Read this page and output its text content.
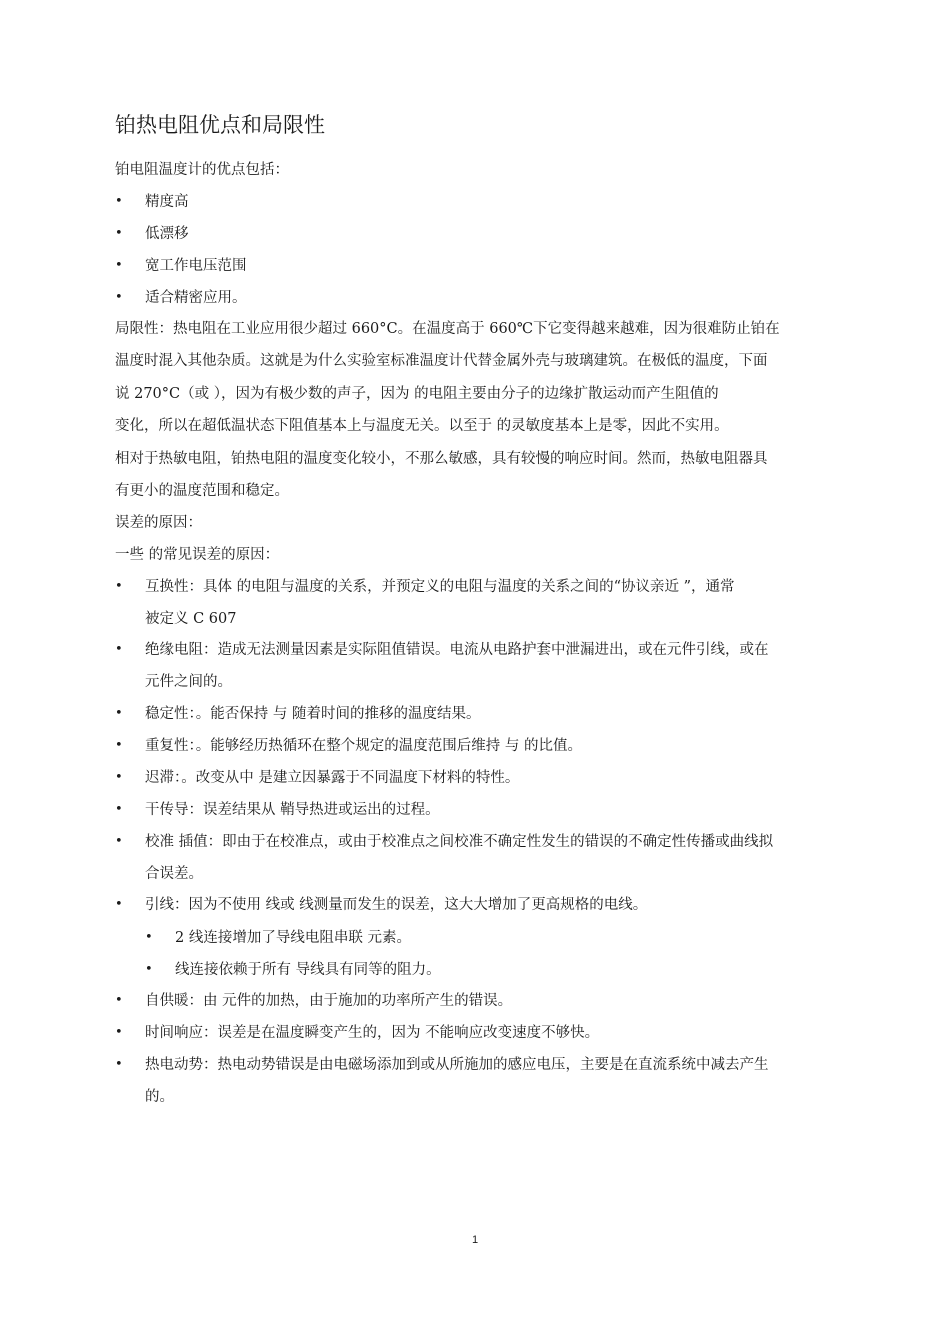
铂热电阻优点和局限性
铂电阻温度计的优点包括：
•	精度高
•	低漂移
•	宽工作电压范围
•	适合精密应用。
局限性：热电阻在工业应用很少超过 660°C。在温度高于 660℃下它变得越来越难，因为很难防止铂在
温度时混入其他杂质。这就是为什么实验室标准温度计代替金属外壳与玻璃建筑。在极低的温度，下面
说 270°C（或 ），因为有极少数的声子，因为 的电阻主要由分子的边缘扩散运动而产生阻值的
变化，所以在超低温状态下阻值基本上与温度无关。以至于 的灵敏度基本上是零，因此不实用。
相对于热敏电阻，铂热电阻的温度变化较小，不那么敏感，具有较慢的响应时间。然而，热敏电阻器具
有更小的温度范围和稳定。
误差的原因：
一些 的常见误差的原因：
•	互换性：具体 的电阻与温度的关系，并预定义的电阻与温度的关系之间的“协议亲近 ”，通常
被定义 C 607
•	绝缘电阻：造成无法测量因素是实际阻值错误。电流从电路护套中泄漏进出，或在元件引线，或在
元件之间的。
•	稳定性：。能否保持 与 随着时间的推移的温度结果。
•	重复性：。能够经历热循环在整个规定的温度范围后维持 与 的比值。
•	迟滞：。改变从中 是建立因暴露于不同温度下材料的特性。
•	干传导：误差结果从 鞘导热进或运出的过程。
•	校准 插值：即由于在校准点，或由于校准点之间校准不确定性发生的错误的不确定性传播或曲线拟
合误差。
•	引线：因为不使用 线或 线测量而发生的误差，这大大增加了更高规格的电线。
•	2 线连接增加了导线电阻串联 元素。
•	线连接依赖于所有 导线具有同等的阻力。
•	自供暖：由 元件的加热，由于施加的功率所产生的错误。
•	时间响应：误差是在温度瞬变产生的，因为 不能响应改变速度不够快。
•	热电动势：热电动势错误是由电磁场添加到或从所施加的感应电压，主要是在直流系统中减去产生
的。
1
